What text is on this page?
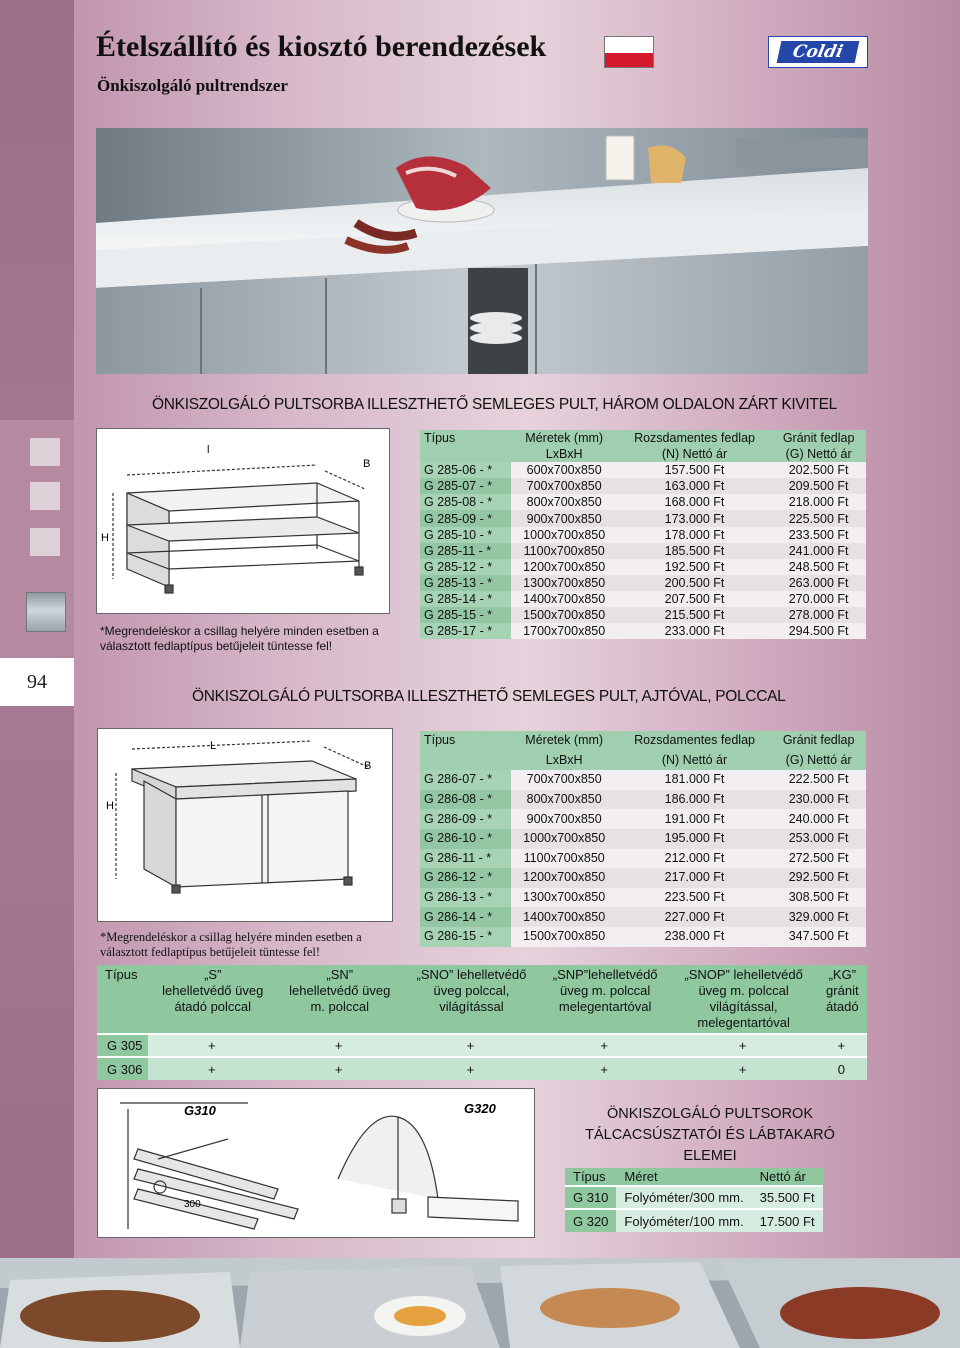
94
Ételszállító és kiosztó berendezések
Önkiszolgáló pultrendszer
Coldi
ÖNKISZOLGÁLÓ PULTSORBA ILLESZTHETŐ SEMLEGES PULT, HÁROM OLDALON ZÁRT KIVITEL
l
B
H
*Megrendeléskor a csillag helyére minden esetben a választott fedlaptípus betűjeleit tüntesse fel!
Típus	Méretek (mm)	Rozsdamentes fedlap	Gránit fedlap
	LxBxH	(N) Nettó ár	(G) Nettó ár
G 285-06 - *	600x700x850	157.500 Ft	202.500 Ft
G 285-07 - *	700x700x850	163.000 Ft	209.500 Ft
G 285-08 - *	800x700x850	168.000 Ft	218.000 Ft
G 285-09 - *	900x700x850	173.000 Ft	225.500 Ft
G 285-10 - *	1000x700x850	178.000 Ft	233.500 Ft
G 285-11 - *	1100x700x850	185.500 Ft	241.000 Ft
G 285-12 - *	1200x700x850	192.500 Ft	248.500 Ft
G 285-13 - *	1300x700x850	200.500 Ft	263.000 Ft
G 285-14 - *	1400x700x850	207.500 Ft	270.000 Ft
G 285-15 - *	1500x700x850	215.500 Ft	278.000 Ft
G 285-17 - *	1700x700x850	233.000 Ft	294.500 Ft
ÖNKISZOLGÁLÓ PULTSORBA ILLESZTHETŐ SEMLEGES PULT, AJTÓVAL, POLCCAL
L
B
H
*Megrendeléskor a csillag helyére minden esetben a választott fedlaptípus betűjeleit tüntesse fel!
Típus	Méretek (mm)	Rozsdamentes fedlap	Gránit fedlap
	LxBxH	(N) Nettó ár	(G) Nettó ár
G 286-07 - *	700x700x850	181.000 Ft	222.500 Ft
G 286-08 - *	800x700x850	186.000 Ft	230.000 Ft
G 286-09 - *	900x700x850	191.000 Ft	240.000 Ft
G 286-10 - *	1000x700x850	195.000 Ft	253.000 Ft
G 286-11 - *	1100x700x850	212.000 Ft	272.500 Ft
G 286-12 - *	1200x700x850	217.000 Ft	292.500 Ft
G 286-13 - *	1300x700x850	223.500 Ft	308.500 Ft
G 286-14 - *	1400x700x850	227.000 Ft	329.000 Ft
G 286-15 - *	1500x700x850	238.000 Ft	347.500 Ft
Típus	„S”
lehelletvédő üveg
átadó polccal	„SN”
lehelletvédő üveg
m. polccal	„SNO” lehelletvédő
üveg polccal,
világítással	„SNP”lehelletvédő
üveg m. polccal
melegentartóval	„SNOP” lehelletvédő
üveg m. polccal
világítással,
melegentartóval	„KG”
gránit
átadó
G 305	+	+	+	+	+	+
G 306	+	+	+	+	+	0
G310	G320
300
ÖNKISZOLGÁLÓ PULTSOROK
TÁLCACSÚSZTATÓI ÉS LÁBTAKARÓ ELEMEI
Típus	Méret	Nettó ár
G 310	Folyóméter/300 mm.	35.500 Ft
G 320	Folyóméter/100 mm.	17.500 Ft
